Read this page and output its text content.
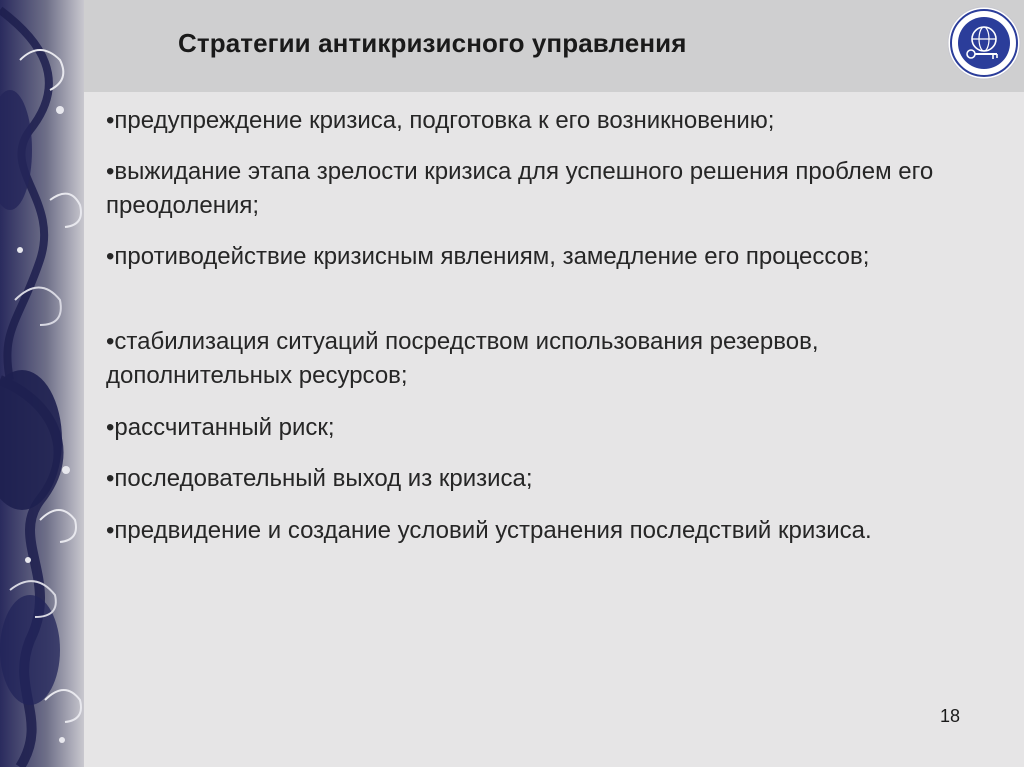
Стратегии антикризисного управления

•предупреждение кризиса, подготовка к его возникновению;

•выжидание этапа зрелости кризиса для успешного решения проблем его преодоления;

•противодействие кризисным явлениям, замедление его процессов;

•стабилизация ситуаций посредством использования резервов, дополнительных ресурсов;

•рассчитанный риск;

•последовательный выход из кризиса;

•предвидение и создание условий устранения последствий кризиса.

18
